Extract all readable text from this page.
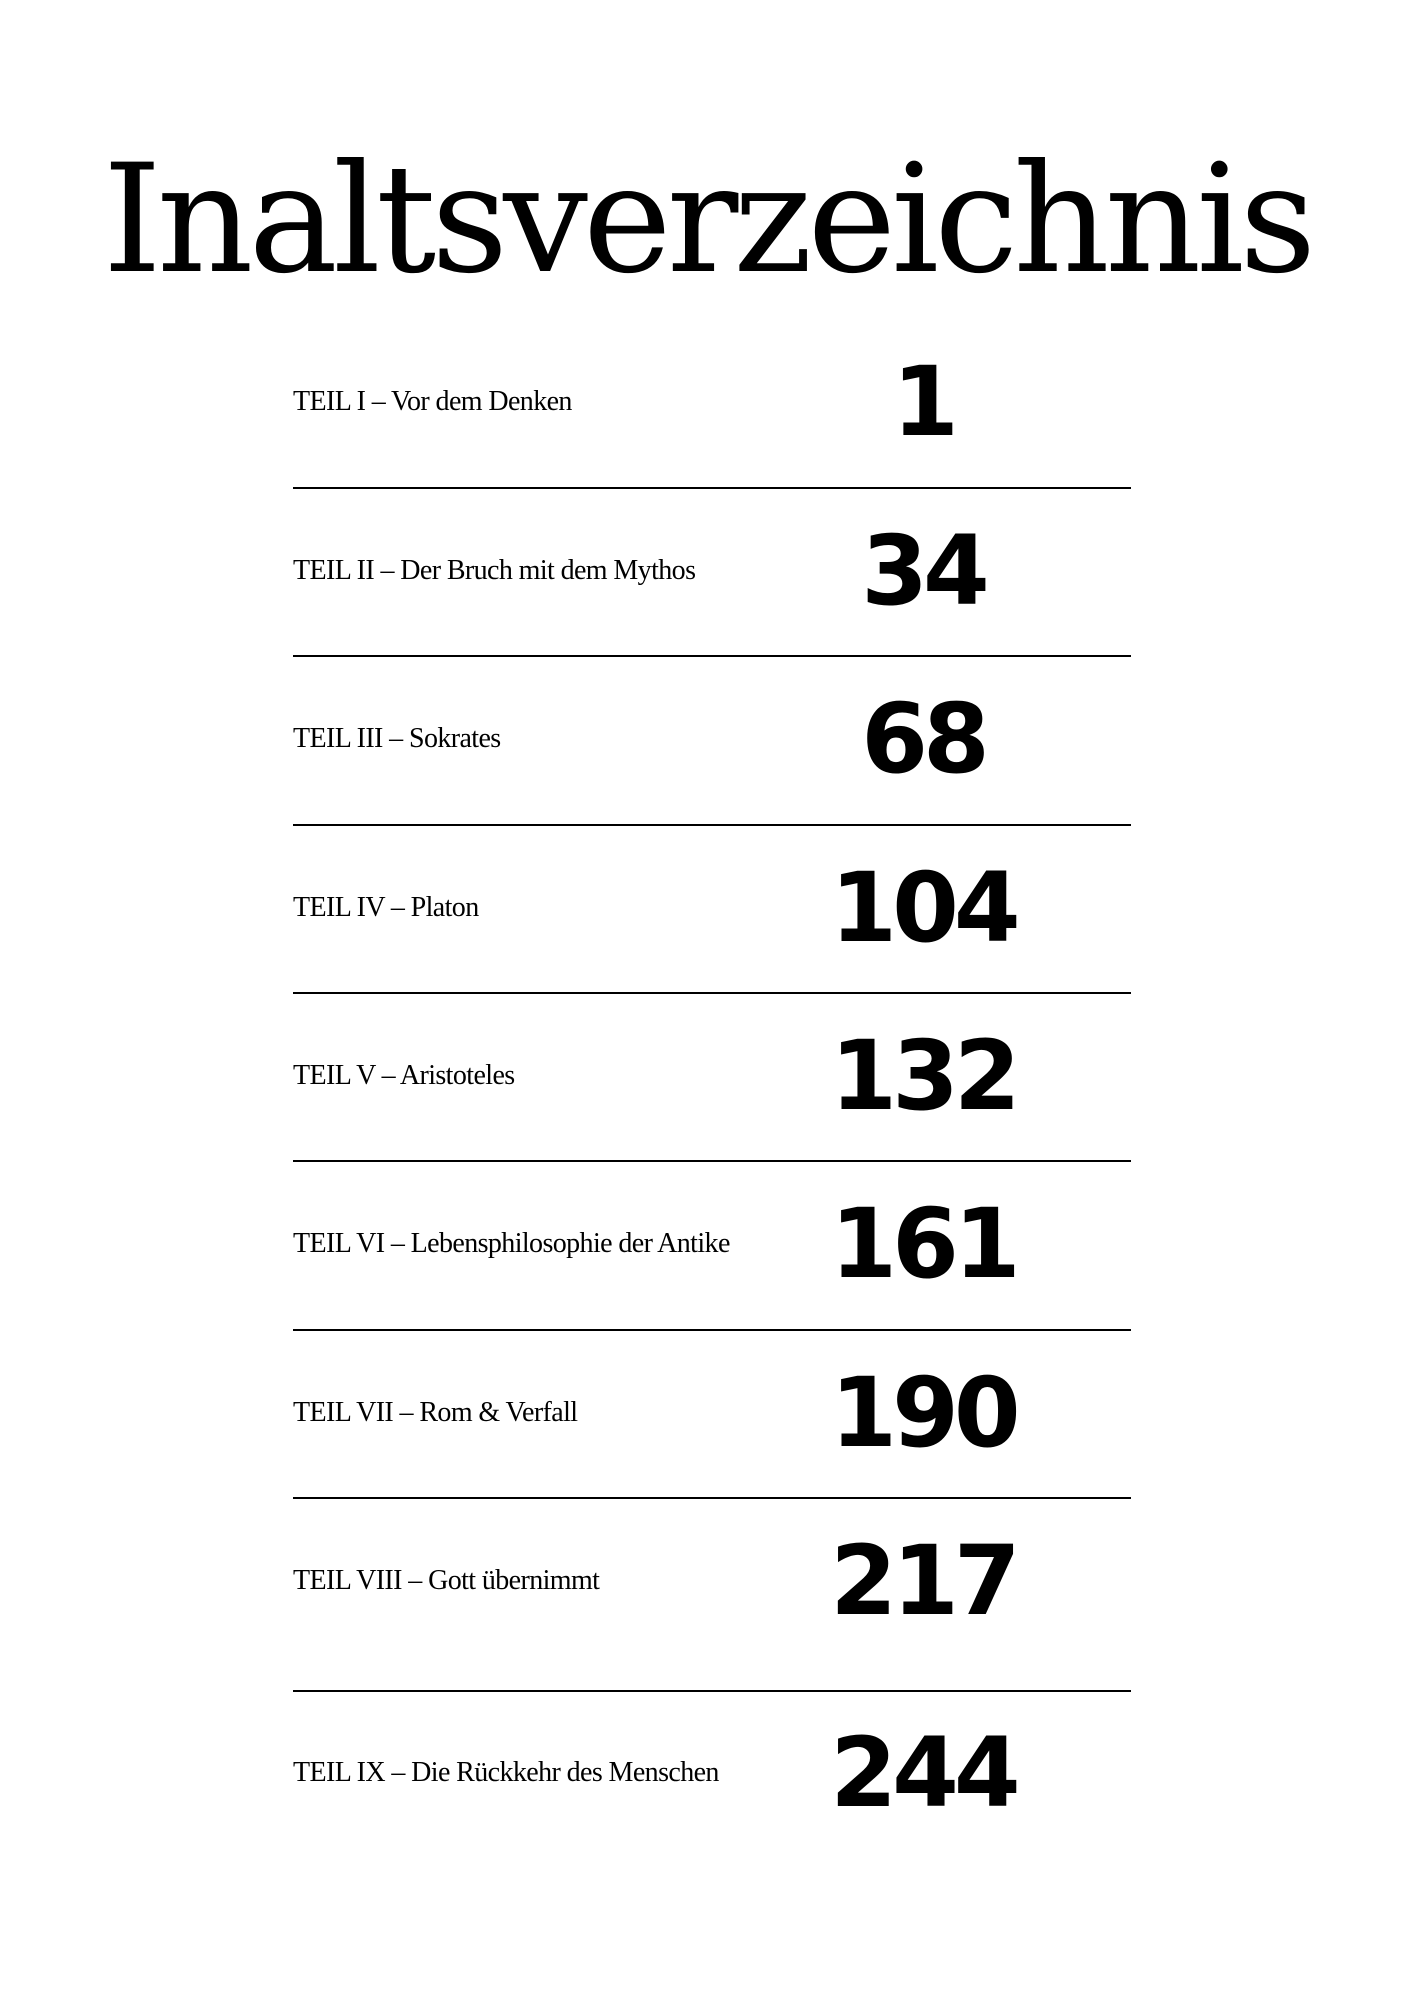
Inaltsverzeichnis
TEIL I – Vor dem Denken	1
TEIL II – Der Bruch mit dem Mythos	34
TEIL III – Sokrates	68
TEIL IV – Platon	104
TEIL V – Aristoteles	132
TEIL VI – Lebensphilosophie der Antike 161
TEIL VII – Rom & Verfall	190
TEIL VIII – Gott übernimmt 217
TEIL IX – Die Rückkehr des Menschen 244
